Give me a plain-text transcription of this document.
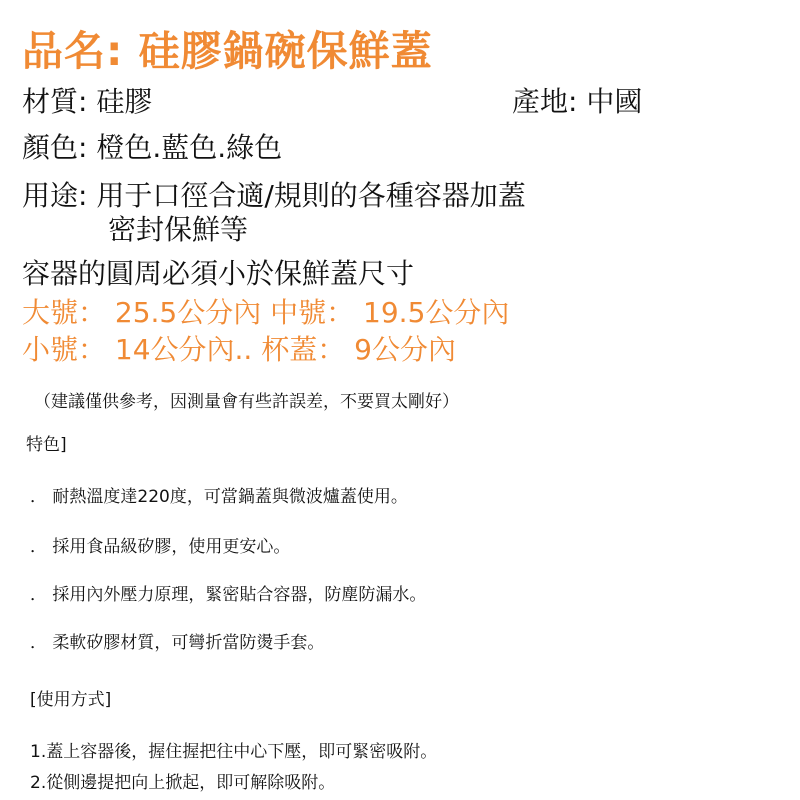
品名: 硅膠鍋碗保鮮蓋
材質: 硅膠	產地: 中國
顏色: 橙色.藍色.綠色
用途: 用于口徑合適/規則的各種容器加蓋
密封保鮮等
容器的圓周必須小於保鮮蓋尺寸
大號： 25.5公分內 中號： 19.5公分內
小號： 14公分內.. 杯蓋： 9公分內
（建議僅供參考，因測量會有些許誤差，不要買太剛好）
特色]
． 耐熱溫度達220度，可當鍋蓋與微波爐蓋使用。
． 採用食品級矽膠，使用更安心。
． 採用內外壓力原理，緊密貼合容器，防塵防漏水。
． 柔軟矽膠材質，可彎折當防燙手套。
[使用方式]
1.蓋上容器後，握住握把往中心下壓，即可緊密吸附。
2.從側邊提把向上掀起，即可解除吸附。
